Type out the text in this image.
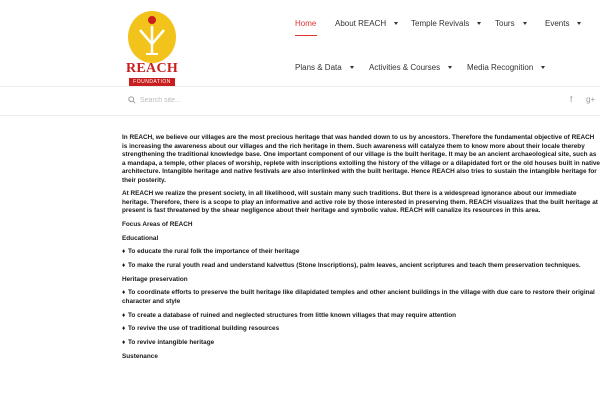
REACH
FOUNDATION
Home About REACH	Temple Revivals	Tours	Events
Plans & Data	Activities & Courses	Media Recognition
Search site...
f g+

In REACH, we believe our villages are the most precious heritage that was handed down to us by ancestors. Therefore the fundamental objective of REACH is increasing the awareness about our villages and the rich heritage in them. Such awareness will catalyze them to know more about their locale thereby strengthening the traditional knowledge base. One important component of our village is the built heritage. It may be an ancient archaeological site, such as a mandapa, a temple, other places of worship, replete with inscriptions extolling the history of the village or a dilapidated fort or the old houses built in native architecture. Intangible heritage and native festivals are also interlinked with the built heritage. Hence REACH also tries to sustain the intangible heritage for their posterity.

At REACH we realize the present society, in all likelihood, will sustain many such traditions. But there is a widespread ignorance about our immediate heritage. Therefore, there is a scope to play an informative and active role by those interested in preserving them. REACH visualizes that the built heritage at present is fast threatened by the shear negligence about their heritage and symbolic value. REACH will canalize its resources in this area.

Focus Areas of REACH

Educational

♦ To educate the rural folk the importance of their heritage

♦ To make the rural youth read and understand kalvettus (Stone Inscriptions), palm leaves, ancient scriptures and teach them preservation techniques.

Heritage preservation

♦ To coordinate efforts to preserve the built heritage like dilapidated temples and other ancient buildings in the village with due care to restore their original character and style

♦ To create a database of ruined and neglected structures from little known villages that may require attention

♦ To revive the use of traditional building resources

♦ To revive intangible heritage

Sustenance
